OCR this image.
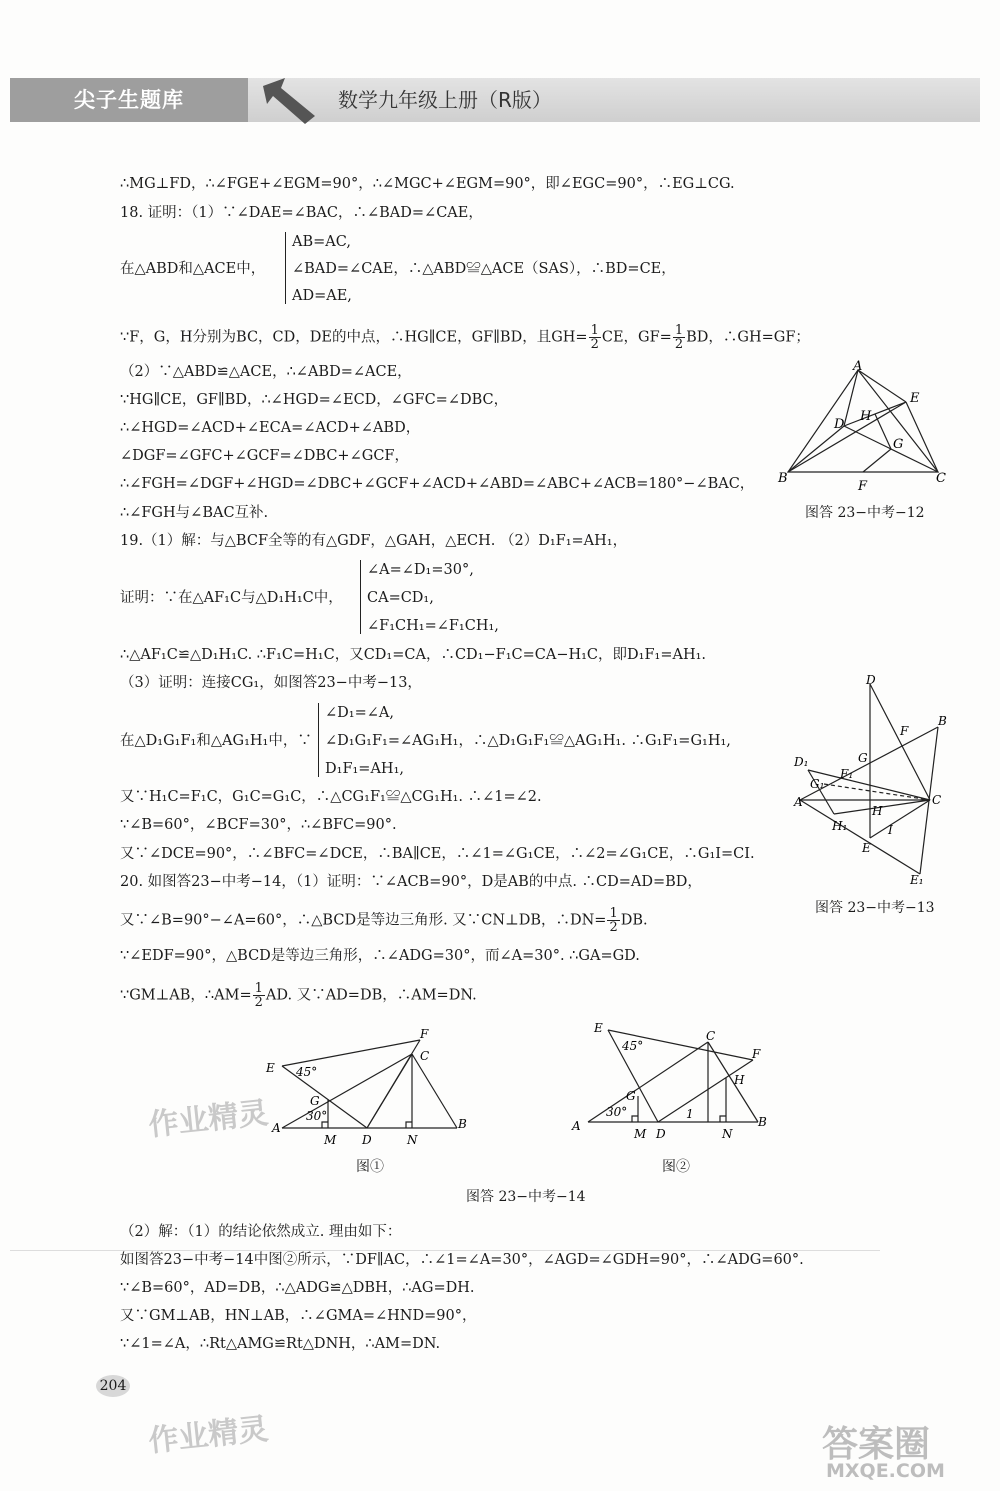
尖子生题库	数学九年级上册（R版）
∴MG⊥FD，∴∠FGE+∠EGM=90°，∴∠MGC+∠EGM=90°，即∠EGC=90°，∴EG⊥CG.
18. 证明：（1）∵∠DAE=∠BAC，∴∠BAD=∠CAE，
在△ABD和△ACE中，
AB=AC,
∠BAD=∠CAE，∴△ABD≌△ACE（SAS），∴BD=CE，
AD=AE,
∵F，G，H分别为BC，CD，DE的中点，∴HG∥CE，GF∥BD，且$GH= \frac{1}{2}$ CE，$GF= \frac{1}{2}$ BD，∴GH=GF；
（2）∵△ABD≌△ACE，∴∠ABD=∠ACE，
∵HG∥CE，GF∥BD，∴∠HGD=∠ECD，∠GFC=∠DBC，
∴∠HGD=∠ACD+∠ECA=∠ACD+∠ABD，
∠DGF=∠GFC+∠GCF=∠DBC+∠GCF，
∴∠FGH=∠DGF+∠HGD=∠DBC+∠GCF+∠ACD+∠ABD=∠ABC+∠ACB=180°−∠BAC，
∴∠FGH与∠BAC互补.
19.（1）解：与△BCF全等的有△GDF，△GAH，△ECH. （2）D₁F₁=AH₁，
证明：∵在△AF₁C与△D₁H₁C中，
∠A=∠D₁=30°,
CA=CD₁,
∠F₁CH₁=∠F₁CH₁,
∴△AF₁C≌△D₁H₁C. ∴F₁C=H₁C，又CD₁=CA，∴CD₁−F₁C=CA−H₁C，即D₁F₁=AH₁.
（3）证明：连接CG₁，如图答23−中考−13，
在△D₁G₁F₁和△AG₁H₁中，∵
∠D₁=∠A,
∠D₁G₁F₁=∠AG₁H₁，∴△D₁G₁F₁≌△AG₁H₁. ∴G₁F₁=G₁H₁,
D₁F₁=AH₁,
又∵H₁C=F₁C，G₁C=G₁C，∴△CG₁F₁≌△CG₁H₁. ∴∠1=∠2.
∵∠B=60°，∠BCF=30°，∴∠BFC=90°.
又∵∠DCE=90°，∴∠BFC=∠DCE，∴BA∥CE，∴∠1=∠G₁CE，∴∠2=∠G₁CE，∴G₁I=CI.
20. 如图答23−中考−14，（1）证明：∵∠ACB=90°，D是AB的中点. ∴CD=AD=BD，
又∵∠B=90°−∠A=60°，∴△BCD是等边三角形. 又∵CN⊥DB，∴DN= $\frac{1}{2}$ DB.
∵∠EDF=90°，△BCD是等边三角形，∴∠ADG=30°，而∠A=30°. ∴GA=GD.
∵GM⊥AB，∴AM= $\frac{1}{2}$ AD. 又∵AD=DB，∴AM=DN.
（2）解：（1）的结论依然成立. 理由如下：
如图答23−中考−14中图②所示，∵DF∥AC，∴∠1=∠A=30°，∠AGD=∠GDH=90°，∴∠ADG=60°.
∵∠B=60°，AD=DB，∴△ADG≌△DBH，∴AG=DH.
又∵GM⊥AB，HN⊥AB，∴∠GMA=∠HND=90°，
∵∠1=∠A，∴Rt△AMG≌Rt△DNH，∴AM=DN.
A
E
H
D
G
B	C
F
图答 23−中考−12
D
B
F
G
D₁
F₁
G₁
A
H
H₁
C
I
E
E₁
图答 23−中考−13
E 45°
F
C
G
30°
A
M D	N
B
图①
E
45°
C
F
G
H
30°
A
M D
1
N
B
图②
图答 23−中考−14
204
作业精灵
作业精灵	答案圈
MXQE.COM
